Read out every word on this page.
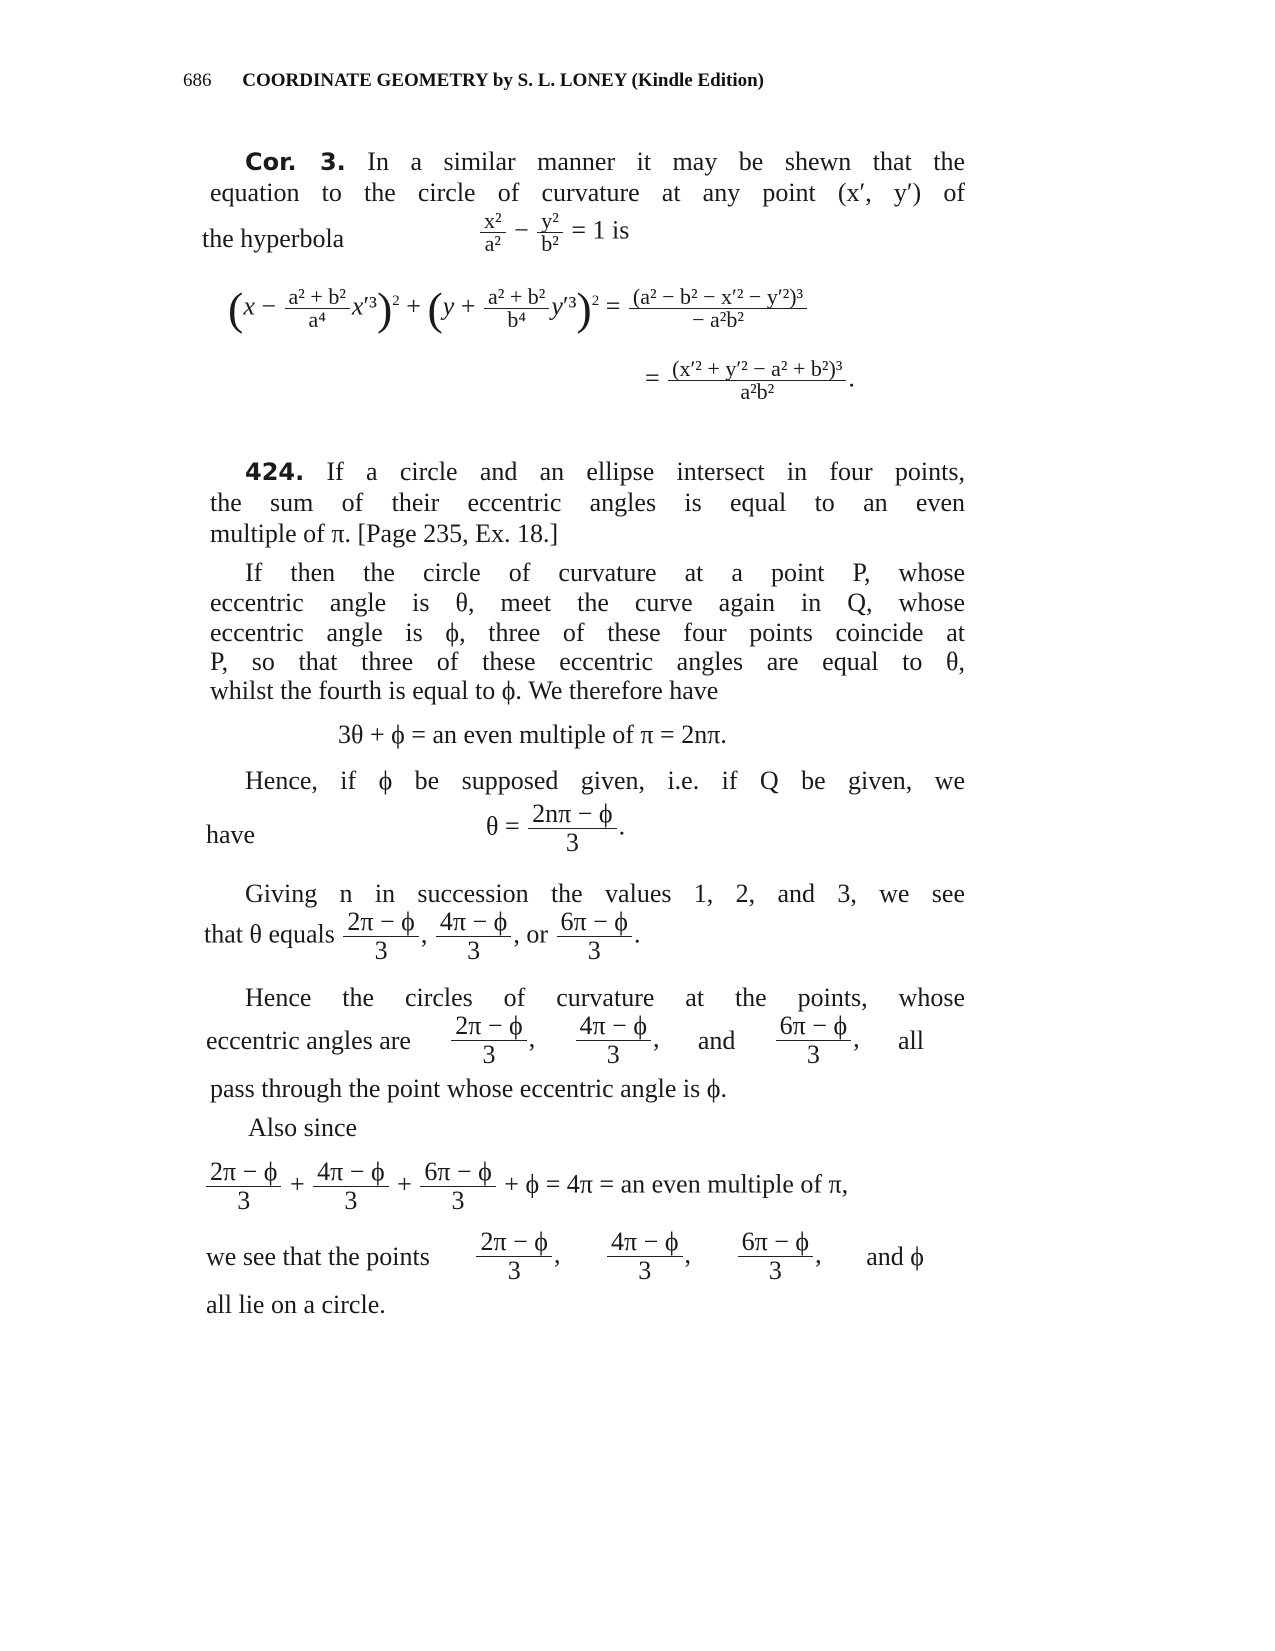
686 COORDINATE GEOMETRY by S. L. LONEY (Kindle Edition)
Cor. 3. In a similar manner it may be shewn that the
equation to the circle of curvature at any point (x′, y′) of
the hyperbola	$\frac{\text{x²}}{\text{a²}} - \frac{\text{y²}}{\text{b²}} = 1$ is
$(x - \frac{\text{a² + b²}}{\text{a⁴}} x'^3)^2 + (y + \frac{\text{a² + b²}}{\text{b⁴}} y'^3)^2 = \frac{\text{(a² − b² − x′² − y′²)³}}{\text{− a²b²}}$
= $\frac{\text{(x′² + y′² − a² + b²)³}}{\text{a²b²}}$ .
424. If a circle and an ellipse intersect in four points,
the sum of their eccentric angles is equal to an even
multiple of π. [Page 235, Ex. 18.]
If then the circle of curvature at a point P, whose
eccentric angle is θ, meet the curve again in Q, whose
eccentric angle is ϕ, three of these four points coincide at
P, so that three of these eccentric angles are equal to θ,
whilst the fourth is equal to ϕ. We therefore have
3θ + ϕ = an even multiple of π = 2nπ.
Hence, if ϕ be supposed given, i.e. if Q be given, we
have	$\theta = \frac{2n\pi - \phi}{3}$ .
Giving n in succession the values 1, 2, and 3, we see
that θ equals $\frac{2\pi - \phi}{3}$ , $\frac{4\pi - \phi}{3}$ , or $\frac{6\pi - \phi}{3}$ .
Hence the circles of curvature at the points, whose
eccentric angles are $\frac{2\pi - \phi}{3}$ , $\frac{4\pi - \phi}{3}$ , and $\frac{6\pi - \phi}{3}$ , all
pass through the point whose eccentric angle is ϕ.
Also since
$\frac{2\pi - \phi}{3} + \frac{4\pi - \phi}{3} + \frac{6\pi - \phi}{3} + \phi = 4\pi$ = an even multiple of π,
we see that the points $\frac{2\pi - \phi}{3}$ , $\frac{4\pi - \phi}{3}$ , $\frac{6\pi - \phi}{3}$ , and ϕ
all lie on a circle.
